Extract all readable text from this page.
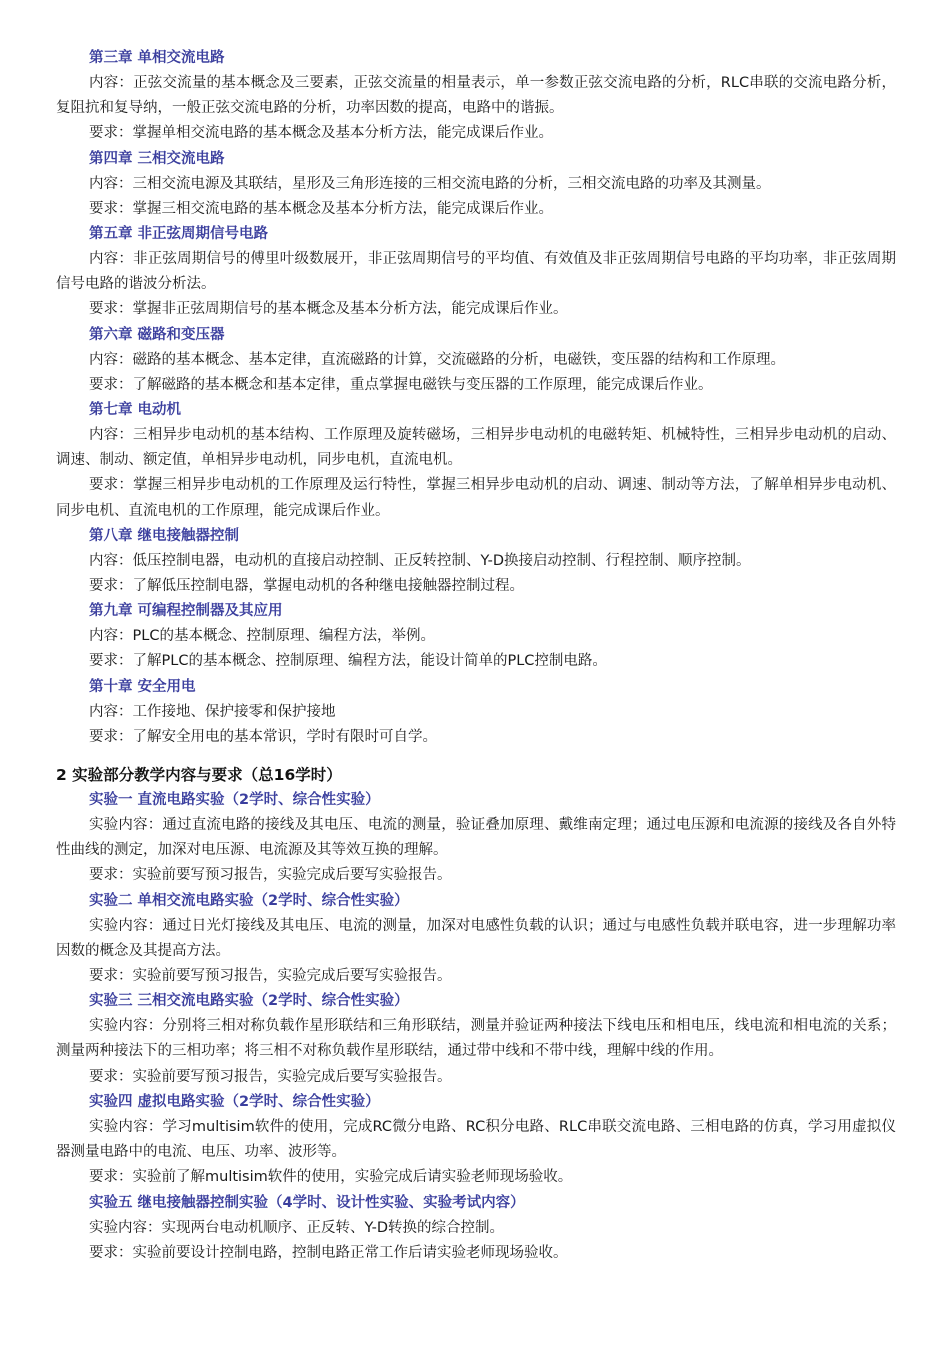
第三章 单相交流电路

内容：正弦交流量的基本概念及三要素，正弦交流量的相量表示，单一参数正弦交流电路的分析，RLC串联的交流电路分析，复阻抗和复导纳，一般正弦交流电路的分析，功率因数的提高，电路中的谐振。

要求：掌握单相交流电路的基本概念及基本分析方法，能完成课后作业。

第四章 三相交流电路

内容：三相交流电源及其联结，星形及三角形连接的三相交流电路的分析，三相交流电路的功率及其测量。

要求：掌握三相交流电路的基本概念及基本分析方法，能完成课后作业。

第五章 非正弦周期信号电路

内容：非正弦周期信号的傅里叶级数展开，非正弦周期信号的平均值、有效值及非正弦周期信号电路的平均功率，非正弦周期信号电路的谐波分析法。

要求：掌握非正弦周期信号的基本概念及基本分析方法，能完成课后作业。

第六章 磁路和变压器

内容：磁路的基本概念、基本定律，直流磁路的计算，交流磁路的分析，电磁铁，变压器的结构和工作原理。

要求：了解磁路的基本概念和基本定律，重点掌握电磁铁与变压器的工作原理，能完成课后作业。

第七章 电动机

内容：三相异步电动机的基本结构、工作原理及旋转磁场，三相异步电动机的电磁转矩、机械特性，三相异步电动机的启动、调速、制动、额定值，单相异步电动机，同步电机，直流电机。

要求：掌握三相异步电动机的工作原理及运行特性，掌握三相异步电动机的启动、调速、制动等方法，了解单相异步电动机、同步电机、直流电机的工作原理，能完成课后作业。

第八章 继电接触器控制

内容：低压控制电器，电动机的直接启动控制、正反转控制、Y-D换接启动控制、行程控制、顺序控制。

要求：了解低压控制电器，掌握电动机的各种继电接触器控制过程。

第九章 可编程控制器及其应用

内容：PLC的基本概念、控制原理、编程方法，举例。

要求：了解PLC的基本概念、控制原理、编程方法，能设计简单的PLC控制电路。

第十章 安全用电

内容：工作接地、保护接零和保护接地

要求：了解安全用电的基本常识，学时有限时可自学。

2 实验部分教学内容与要求（总16学时）
实验一 直流电路实验（2学时、综合性实验）

实验内容：通过直流电路的接线及其电压、电流的测量，验证叠加原理、戴维南定理；通过电压源和电流源的接线及各自外特性曲线的测定，加深对电压源、电流源及其等效互换的理解。

要求：实验前要写预习报告，实验完成后要写实验报告。

实验二 单相交流电路实验（2学时、综合性实验）

实验内容：通过日光灯接线及其电压、电流的测量，加深对电感性负载的认识；通过与电感性负载并联电容，进一步理解功率因数的概念及其提高方法。

要求：实验前要写预习报告，实验完成后要写实验报告。

实验三 三相交流电路实验（2学时、综合性实验）

实验内容：分别将三相对称负载作星形联结和三角形联结，测量并验证两种接法下线电压和相电压，线电流和相电流的关系；测量两种接法下的三相功率；将三相不对称负载作星形联结，通过带中线和不带中线，理解中线的作用。

要求：实验前要写预习报告，实验完成后要写实验报告。

实验四 虚拟电路实验（2学时、综合性实验）

实验内容：学习multisim软件的使用，完成RC微分电路、RC积分电路、RLC串联交流电路、三相电路的仿真，学习用虚拟仪器测量电路中的电流、电压、功率、波形等。

要求：实验前了解multisim软件的使用，实验完成后请实验老师现场验收。

实验五 继电接触器控制实验（4学时、设计性实验、实验考试内容）

实验内容：实现两台电动机顺序、正反转、Y-D转换的综合控制。

要求：实验前要设计控制电路，控制电路正常工作后请实验老师现场验收。
